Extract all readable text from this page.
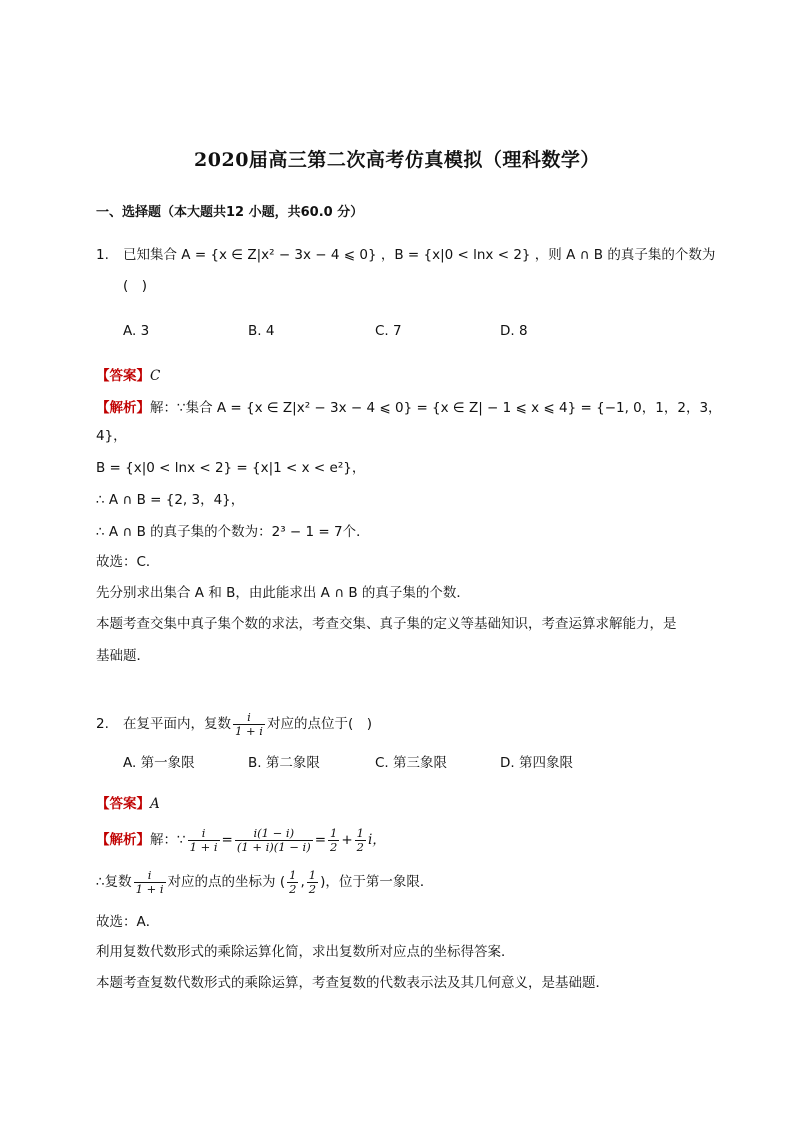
2020届高三第二次高考仿真模拟（理科数学）
一、选择题（本大题共12 小题，共60.0 分）
1. 已知集合 A = {x ∈ Z|x² − 3x − 4 ⩽ 0} ，B = {x|0 < lnx < 2} ，则 A ∩ B 的真子集的个数为
(　)
A. 3	B. 4	C. 7	D. 8
【答案】C
【解析】解：∵集合 A = {x ∈ Z|x² − 3x − 4 ⩽ 0} = {x ∈ Z| − 1 ⩽ x ⩽ 4} = {−1, 0，1，2，3，
4}，
B = {x|0 < lnx < 2} = {x|1 < x < e²}，
∴ A ∩ B = {2, 3，4}，
∴ A ∩ B 的真子集的个数为：2³ − 1 = 7个．
故选：C．
先分别求出集合 A 和 B，由此能求出 A ∩ B 的真子集的个数．
本题考查交集中真子集个数的求法，考查交集、真子集的定义等基础知识，考查运算求解能力，是
基础题．
2. 在复平面内，复数 $\frac{i}{1 + i}$ 对应的点位于(　)
A. 第一象限	B. 第二象限	C. 第三象限	D. 第四象限
【答案】A
【解析】解：∵ $\frac{i}{1 + i} = \frac{i(1 - i)}{(1 + i)(1 - i)} = \frac{1}{2} + \frac{1}{2}$ i，
∴复数 $\frac{i}{1 + i}$ 对应的点的坐标为 ( $\frac{1}{2}$ , $\frac{1}{2}$ )，位于第一象限．
故选：A．
利用复数代数形式的乘除运算化简，求出复数所对应点的坐标得答案．
本题考查复数代数形式的乘除运算，考查复数的代数表示法及其几何意义，是基础题．
